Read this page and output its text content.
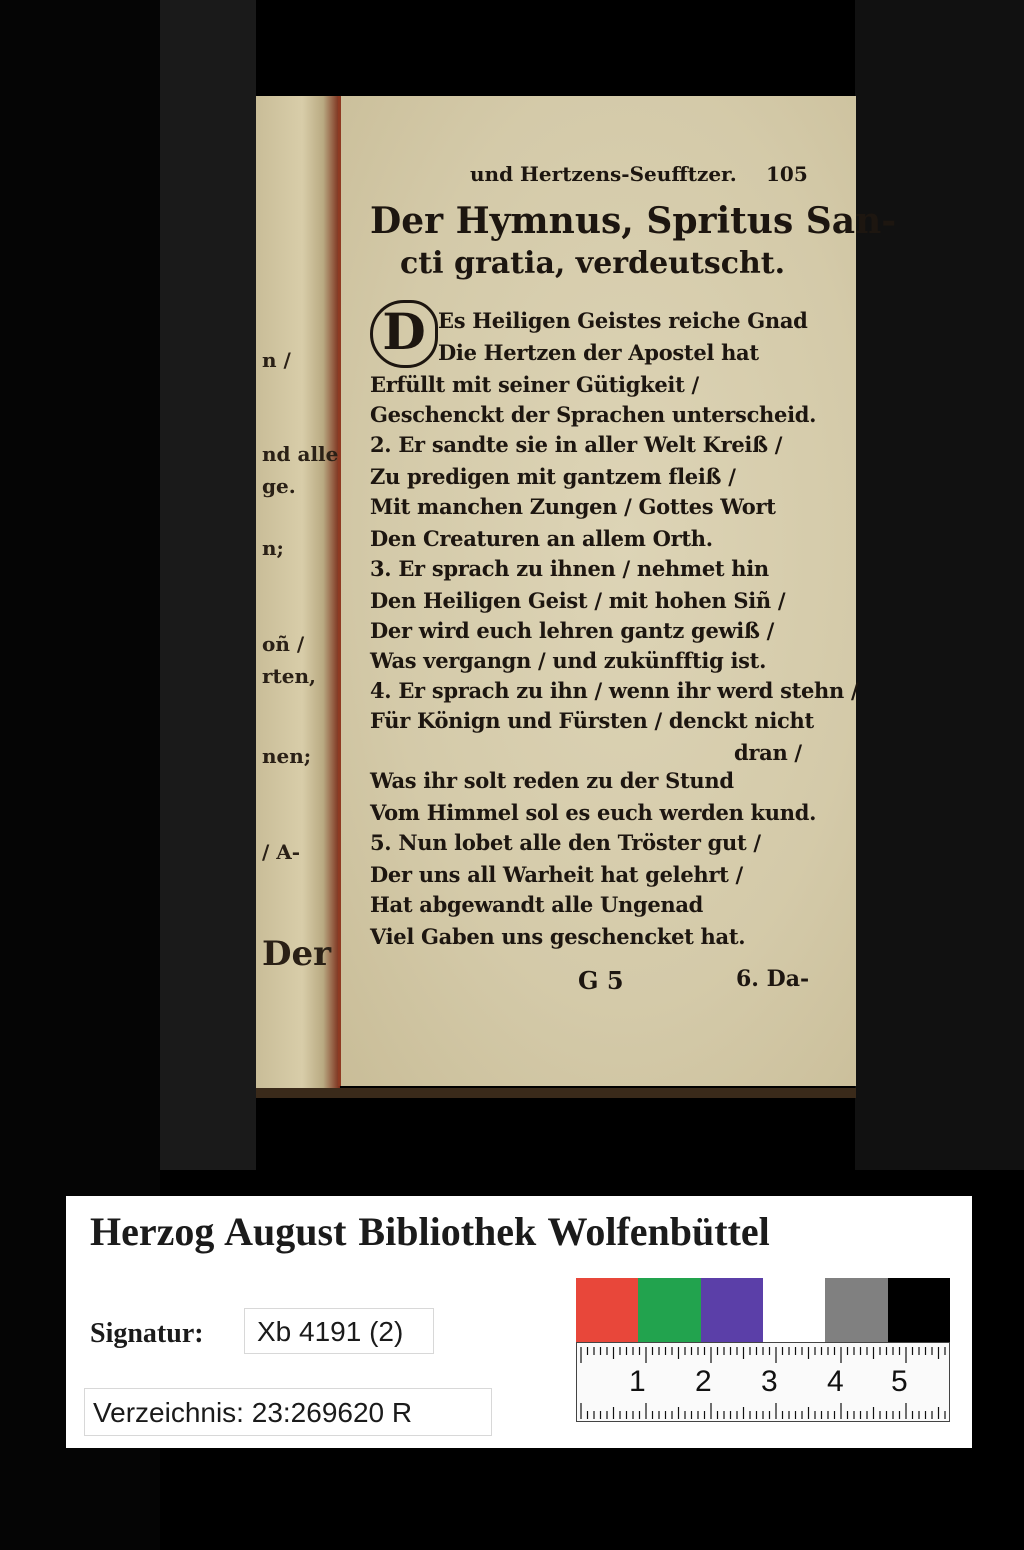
n /
nd alle
ge.
n;
oñ /
rten,
nen;
/ A-
Der
und Hertzens-Seufftzer. 105
Der Hymnus, Spritus San-
cti gratia, verdeutscht.
D Es Heiligen Geistes reiche Gnad
Die Hertzen der Apostel hat
Erfüllt mit seiner Gütigkeit /
Geschenckt der Sprachen unterscheid.
2. Er sandte sie in aller Welt Kreiß /
Zu predigen mit gantzem fleiß /
Mit manchen Zungen / Gottes Wort
Den Creaturen an allem Orth.
3. Er sprach zu ihnen / nehmet hin
Den Heiligen Geist / mit hohen Siñ /
Der wird euch lehren gantz gewiß /
Was vergangn / und zukünfftig ist.
4. Er sprach zu ihn / wenn ihr werd stehn /
Für Könign und Fürsten / denckt nicht
dran /
Was ihr solt reden zu der Stund
Vom Himmel sol es euch werden kund.
5. Nun lobet alle den Tröster gut /
Der uns all Warheit hat gelehrt /
Hat abgewandt alle Ungenad
Viel Gaben uns geschencket hat.
G 5	6. Da-
Herzog August Bibliothek Wolfenbüttel
Signatur:	Xb 4191 (2)
Verzeichnis: 23:269620 R
1 2 3 4 5
